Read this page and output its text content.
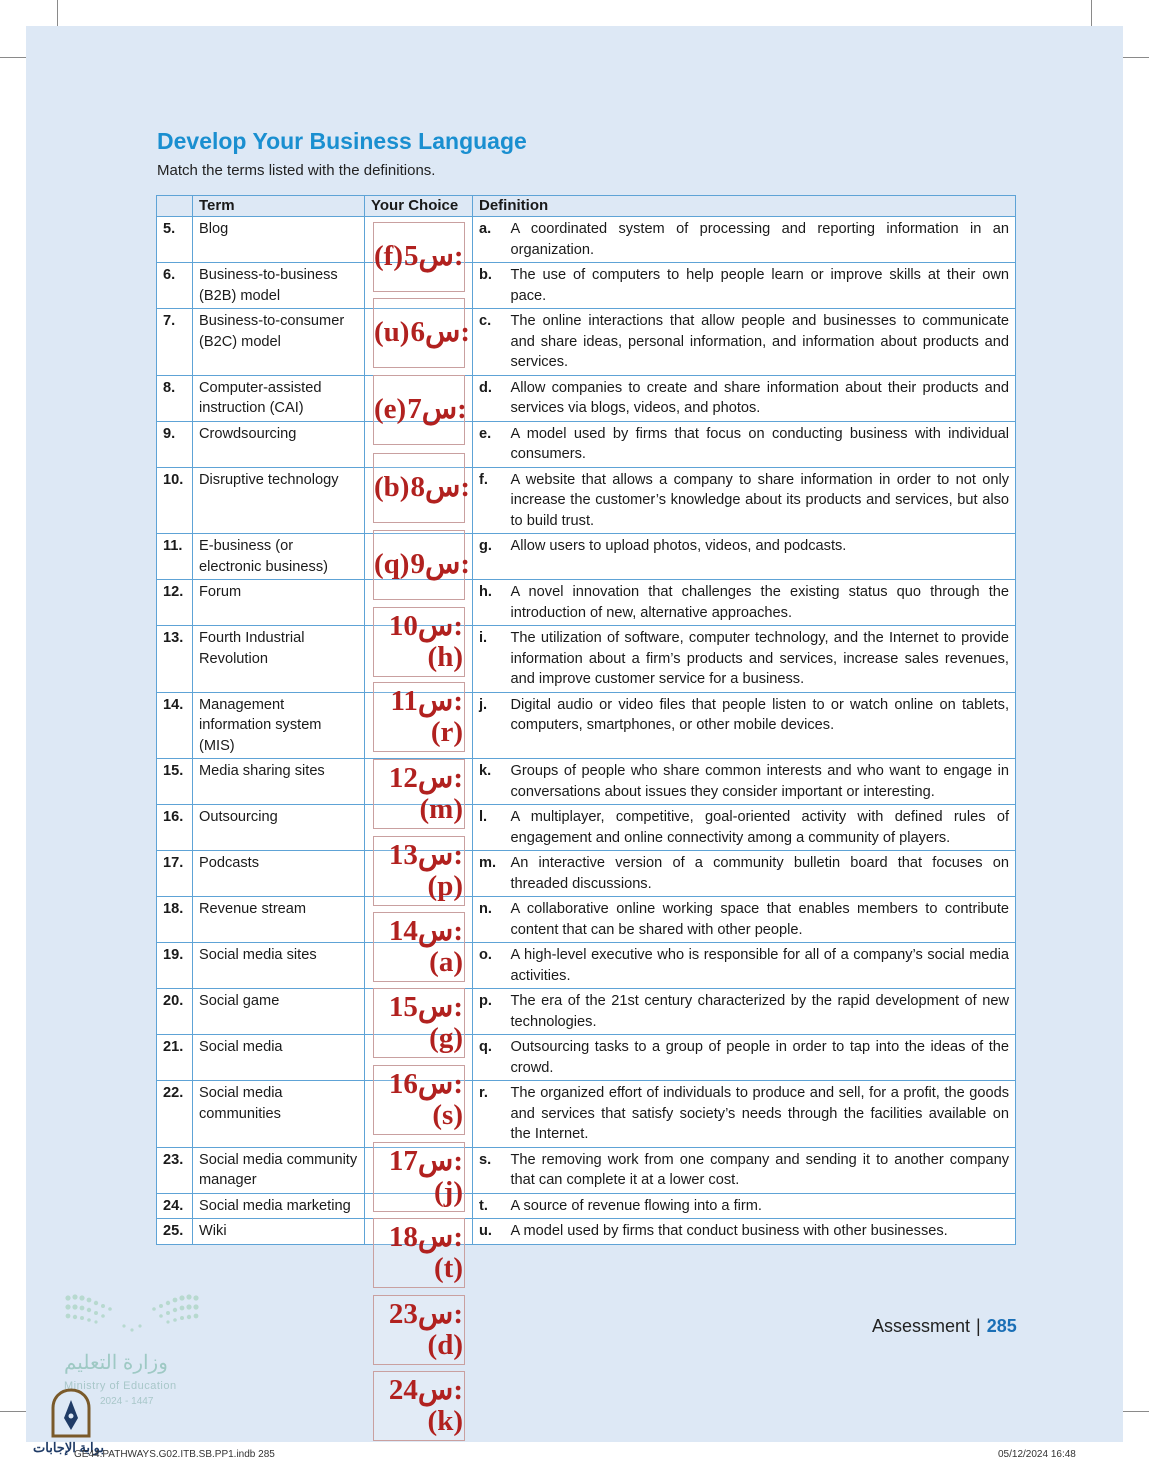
Develop Your Business Language
Match the terms listed with the definitions.
	Term	Your Choice	Definition	
5.	Blog		a.	A coordinated system of processing and reporting information in an organization.
6.	Business-to-business (B2B) model		b.	The use of computers to help people learn or improve skills at their own pace.
7.	Business-to-consumer (B2C) model		c.	The online interactions that allow people and businesses to communicate and share ideas, personal information, and information about products and services.
8.	Computer-assisted instruction (CAI)		d.	Allow companies to create and share information about their products and services via blogs, videos, and photos.
9.	Crowdsourcing		e.	A model used by firms that focus on conducting business with individual consumers.
10.	Disruptive technology		f.	A website that allows a company to share information in order to not only increase the customer’s knowledge about its products and services, but also to build trust.
11.	E-business (or electronic business)		g.	Allow users to upload photos, videos, and podcasts.
12.	Forum		h.	A novel innovation that challenges the existing status quo through the introduction of new, alternative approaches.
13.	Fourth Industrial Revolution		i.	The utilization of software, computer technology, and the Internet to provide information about a firm’s products and services, increase sales revenues, and improve customer service for a business.
14.	Management information system (MIS)		j.	Digital audio or video files that people listen to or watch online on tablets, computers, smartphones, or other mobile devices.
15.	Media sharing sites		k.	Groups of people who share common interests and who want to engage in conversations about issues they consider important or interesting.
16.	Outsourcing		l.	A multiplayer, competitive, goal-oriented activity with defined rules of engagement and online connectivity among a community of players.
17.	Podcasts		m.	An interactive version of a community bulletin board that focuses on threaded discussions.
18.	Revenue stream		n.	A collaborative online working space that enables members to contribute content that can be shared with other people.
19.	Social media sites		o.	A high-level executive who is responsible for all of a company’s social media activities.
20.	Social game		p.	The era of the 21st century characterized by the rapid development of new technologies.
21.	Social media		q.	Outsourcing tasks to a group of people in order to tap into the ideas of the crowd.
22.	Social media communities		r.	The organized effort of individuals to produce and sell, for a profit, the goods and services that satisfy society’s needs through the facilities available on the Internet.
23.	Social media community manager		s.	The removing work from one company and sending it to another company that can complete it at a lower cost.
24.	Social media marketing		t.	A source of revenue flowing into a firm.
25.	Wiki		u.	A model used by firms that conduct business with other businesses.
(f)س5:
(u)س6:
(e)س7:
(b)س8:
(q)س9:
س10:
(h)
س11:
(r)
س12:
(m)
س13:
(p)
س14:
(a)
س15:
(g)
س16:
(s)
س17:
(j)
س18:
(t)
س23:
(d)
س24:
(k)
Assessment | 285
وزارة التعليم
Ministry of Education
2024 - 1447
بوابة الإجابات
GE44.PATHWAYS.G02.ITB.SB.PP1.indb 285	05/12/2024 16:48
